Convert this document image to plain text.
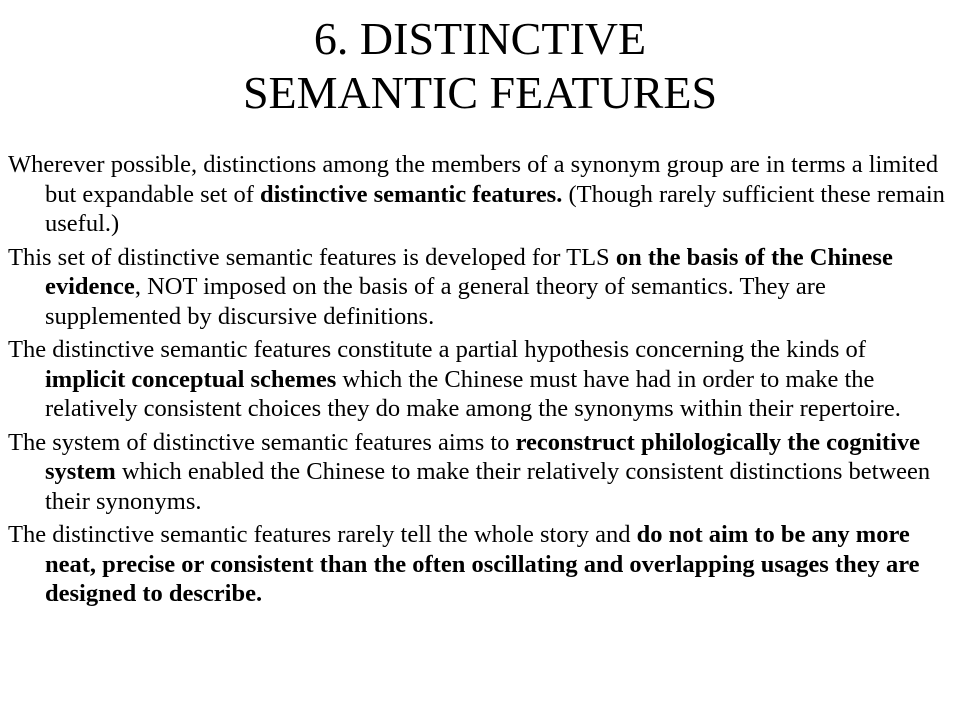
6. DISTINCTIVE
SEMANTIC FEATURES

Wherever possible, distinctions among the members of a synonym group are in terms a limited but expandable set of distinctive semantic features. (Though rarely sufficient these remain useful.)

This set of distinctive semantic features is developed for TLS on the basis of the Chinese evidence, NOT imposed on the basis of a general theory of semantics. They are supplemented by discursive definitions.

The distinctive semantic features constitute a partial hypothesis concerning the kinds of implicit conceptual schemes which the Chinese must have had in order to make the relatively consistent choices they do make among the synonyms within their repertoire.

The system of distinctive semantic features aims to reconstruct philologically the cognitive system which enabled the Chinese to make their relatively consistent distinctions between their synonyms.

The distinctive semantic features rarely tell the whole story and do not aim to be any more neat, precise or consistent than the often oscillating and overlapping usages they are designed to describe.
